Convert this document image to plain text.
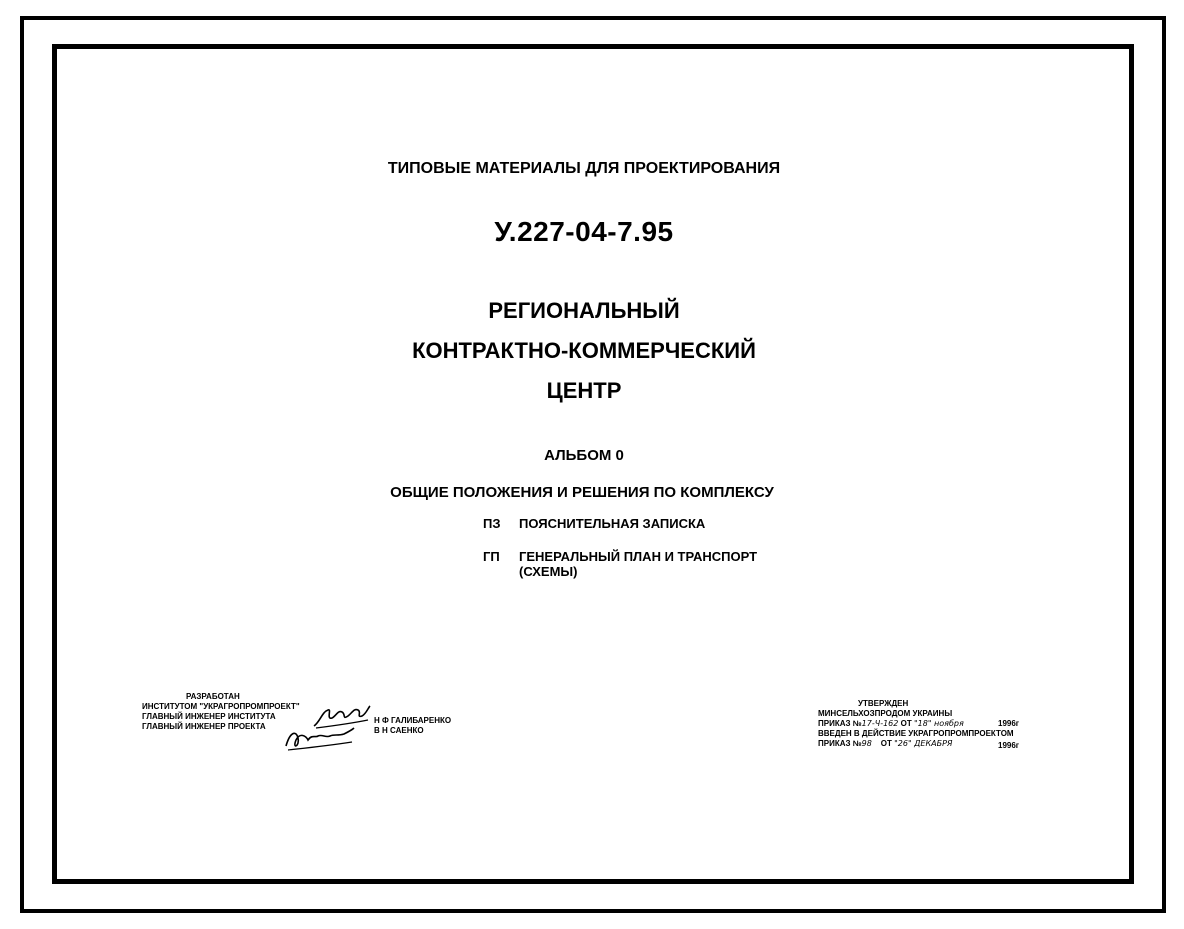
ТИПОВЫЕ МАТЕРИАЛЫ ДЛЯ ПРОЕКТИРОВАНИЯ
У.227-04-7.95
РЕГИОНАЛЬНЫЙ
КОНТРАКТНО-КОММЕРЧЕСКИЙ
ЦЕНТР
АЛЬБОМ 0
ОБЩИЕ ПОЛОЖЕНИЯ И РЕШЕНИЯ ПО КОМПЛЕКСУ
ПЗ ПОЯСНИТЕЛЬНАЯ ЗАПИСКА
ГП ГЕНЕРАЛЬНЫЙ ПЛАН И ТРАНСПОРТ
(СХЕМЫ)
РАЗРАБОТАН
ИНСТИТУТОМ "УКРАГРОПРОМПРОЕКТ"
ГЛАВНЫЙ ИНЖЕНЕР ИНСТИТУТА
ГЛАВНЫЙ ИНЖЕНЕР ПРОЕКТА
Н Ф ГАЛИБАРЕНКО
В Н САЕНКО
УТВЕРЖДЕН
МИНСЕЛЬХОЗПРОДОМ УКРАИНЫ
ПРИКАЗ №17-Ч-162 ОТ "18" ноября	1996г
ВВЕДЕН В ДЕЙСТВИЕ УКРАГРОПРОМПРОЕКТОМ
ПРИКАЗ №98 ОТ "26" ДЕКАБРЯ	1996г
